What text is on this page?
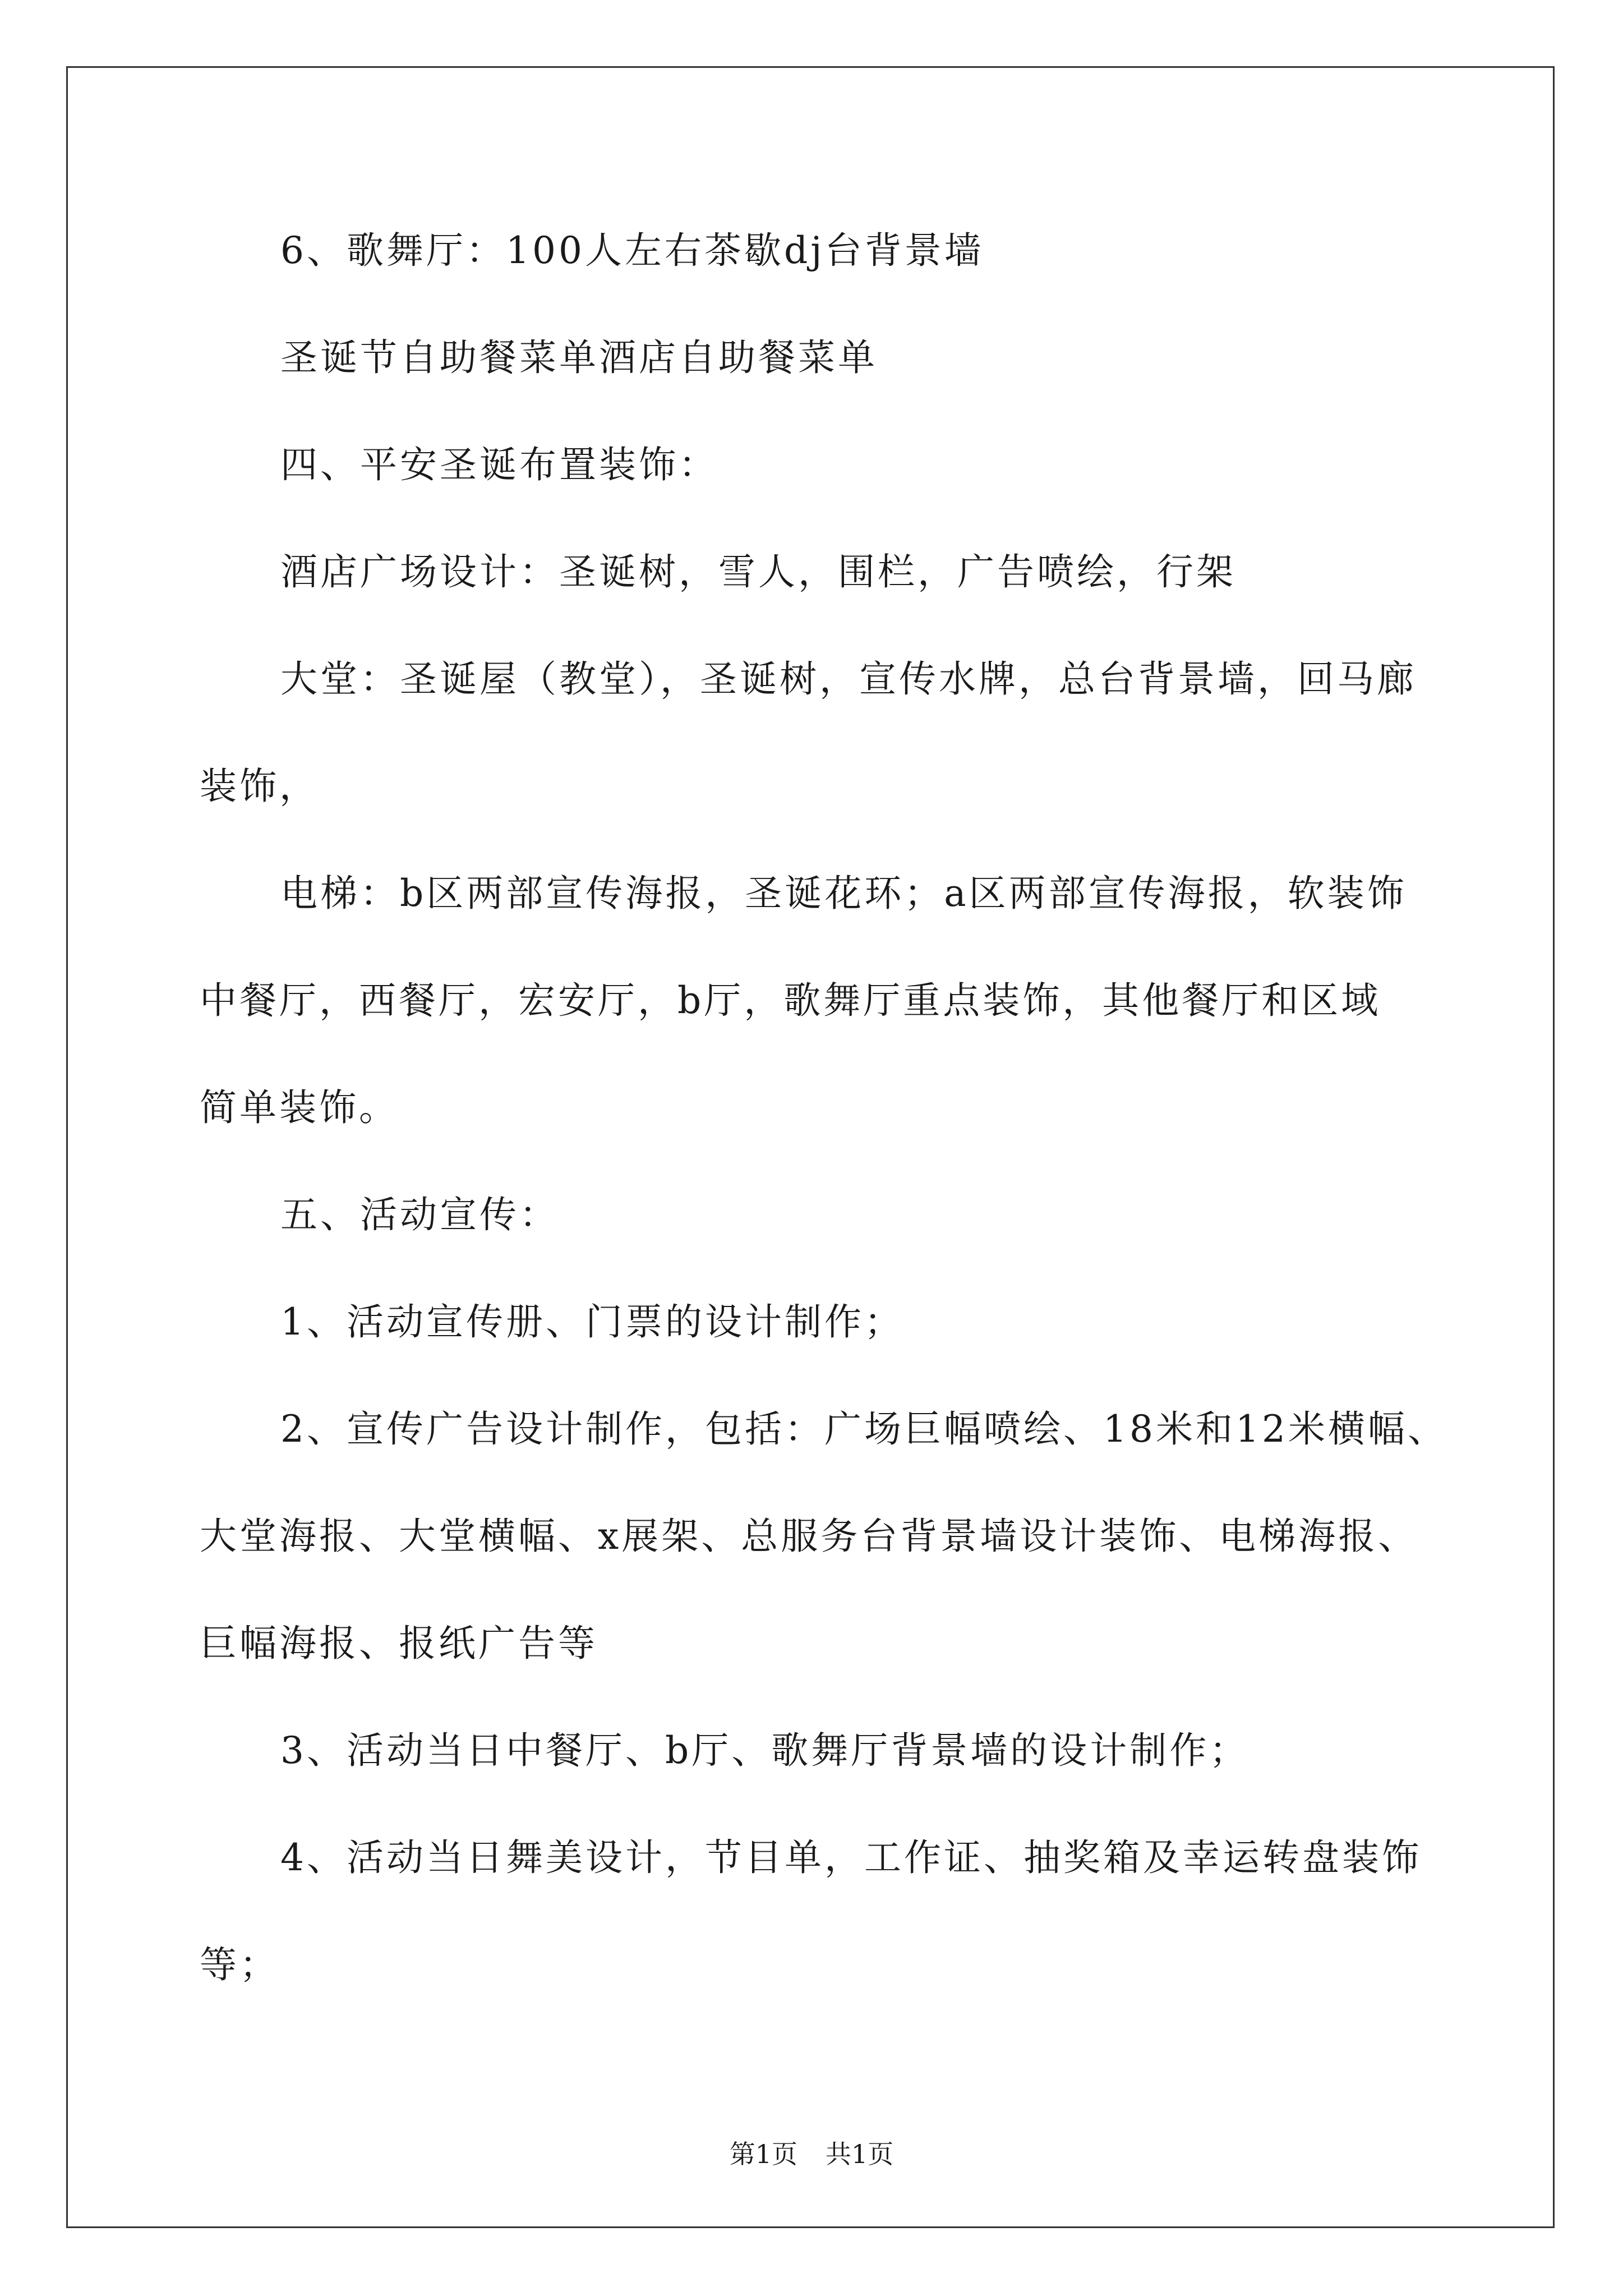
6、歌舞厅：100人左右茶歇dj台背景墙
圣诞节自助餐菜单酒店自助餐菜单
四、平安圣诞布置装饰：
酒店广场设计：圣诞树，雪人，围栏，广告喷绘，行架
大堂：圣诞屋（教堂），圣诞树，宣传水牌，总台背景墙，回马廊
装饰，
电梯：b区两部宣传海报，圣诞花环；a区两部宣传海报，软装饰
中餐厅，西餐厅，宏安厅，b厅，歌舞厅重点装饰，其他餐厅和区域
简单装饰。
五、活动宣传：
1、活动宣传册、门票的设计制作；
2、宣传广告设计制作，包括：广场巨幅喷绘、18米和12米横幅、
大堂海报、大堂横幅、x展架、总服务台背景墙设计装饰、电梯海报、
巨幅海报、报纸广告等
3、活动当日中餐厅、b厅、歌舞厅背景墙的设计制作；
4、活动当日舞美设计，节目单，工作证、抽奖箱及幸运转盘装饰
等；
第1页 共1页
